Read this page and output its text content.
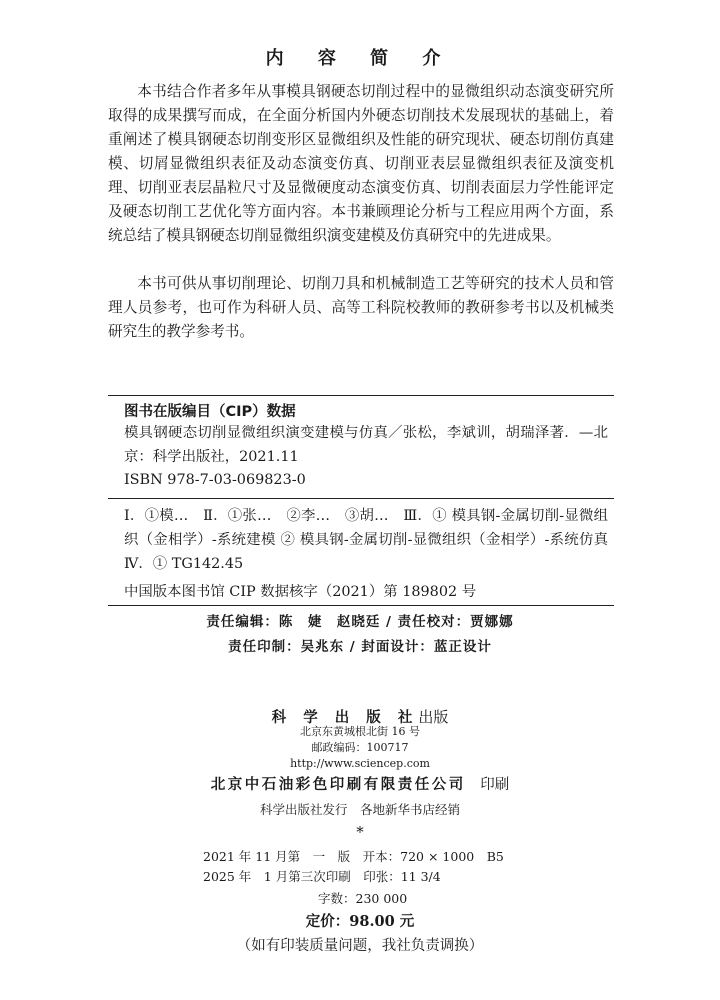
内 容 简 介
本书结合作者多年从事模具钢硬态切削过程中的显微组织动态演变研究所取得的成果撰写而成，在全面分析国内外硬态切削技术发展现状的基础上，着重阐述了模具钢硬态切削变形区显微组织及性能的研究现状、硬态切削仿真建模、切屑显微组织表征及动态演变仿真、切削亚表层显微组织表征及演变机理、切削亚表层晶粒尺寸及显微硬度动态演变仿真、切削表面层力学性能评定及硬态切削工艺优化等方面内容。本书兼顾理论分析与工程应用两个方面，系统总结了模具钢硬态切削显微组织演变建模及仿真研究中的先进成果。
本书可供从事切削理论、切削刀具和机械制造工艺等研究的技术人员和管理人员参考，也可作为科研人员、高等工科院校教师的教研参考书以及机械类研究生的教学参考书。
图书在版编目（CIP）数据
模具钢硬态切削显微组织演变建模与仿真／张松，李斌训，胡瑞泽著．—北京：科学出版社，2021.11
ISBN 978-7-03-069823-0
Ⅰ．①模…　Ⅱ．①张…　②李…　③胡…　Ⅲ．① 模具钢-金属切削-显微组织（金相学）-系统建模 ② 模具钢-金属切削-显微组织（金相学）-系统仿真　Ⅳ．① TG142.45
中国版本图书馆 CIP 数据核字（2021）第 189802 号
责任编辑：陈　婕　赵晓廷 / 责任校对：贾娜娜
责任印制：吴兆东 / 封面设计：蓝正设计
科 学 出 版 社出版
北京东黄城根北街 16 号
邮政编码：100717
http://www.sciencep.com
北京中石油彩色印刷有限责任公司  印刷
科学出版社发行　各地新华书店经销
*
2021 年 11 月第　一　版　开本：720 × 1000　B5
2025 年　1 月第三次印刷　印张：11 3/4
字数：230 000
定价：98.00 元
（如有印装质量问题，我社负责调换）
